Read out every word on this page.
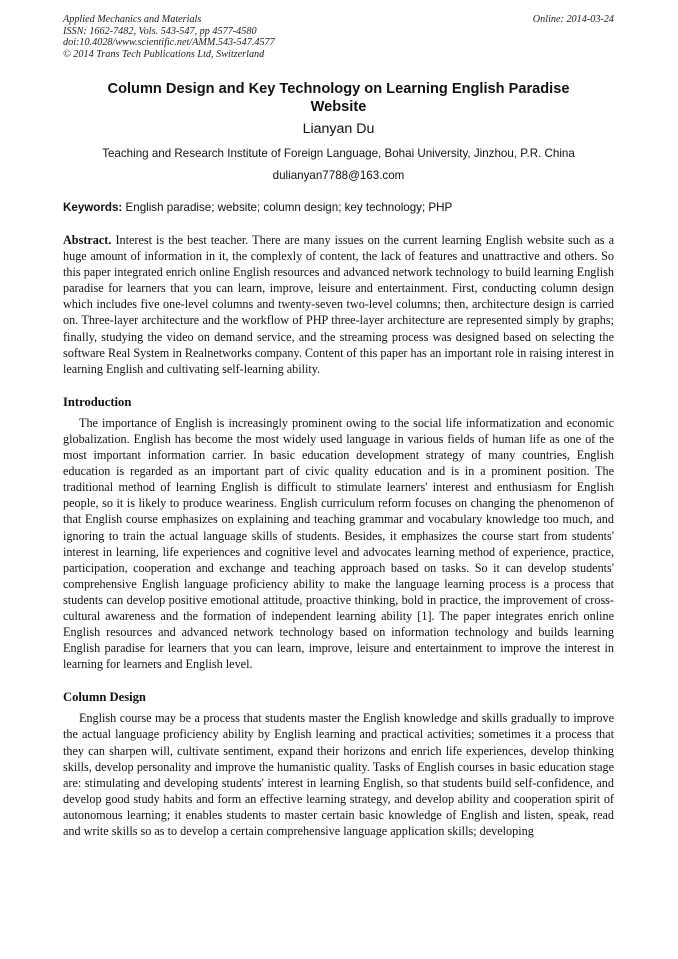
Applied Mechanics and Materials
ISSN: 1662-7482, Vols. 543-547, pp 4577-4580
doi:10.4028/www.scientific.net/AMM.543-547.4577
© 2014 Trans Tech Publications Ltd, Switzerland
Online: 2014-03-24
Column Design and Key Technology on Learning English Paradise Website
Lianyan Du
Teaching and Research Institute of Foreign Language, Bohai University, Jinzhou, P.R. China
dulianyan7788@163.com
Keywords: English paradise; website; column design; key technology; PHP
Abstract. Interest is the best teacher. There are many issues on the current learning English website such as a huge amount of information in it, the complexly of content, the lack of features and unattractive and others. So this paper integrated enrich online English resources and advanced network technology to build learning English paradise for learners that you can learn, improve, leisure and entertainment. First, conducting column design which includes five one-level columns and twenty-seven two-level columns; then, architecture design is carried on. Three-layer architecture and the workflow of PHP three-layer architecture are represented simply by graphs; finally, studying the video on demand service, and the streaming process was designed based on selecting the software Real System in Realnetworks company. Content of this paper has an important role in raising interest in learning English and cultivating self-learning ability.
Introduction

The importance of English is increasingly prominent owing to the social life informatization and economic globalization. English has become the most widely used language in various fields of human life as one of the most important information carrier. In basic education development strategy of many countries, English education is regarded as an important part of civic quality education and is in a prominent position. The traditional method of learning English is difficult to stimulate learners' interest and enthusiasm for English people, so it is likely to produce weariness. English curriculum reform focuses on changing the phenomenon of that English course emphasizes on explaining and teaching grammar and vocabulary knowledge too much, and ignoring to train the actual language skills of students. Besides, it emphasizes the course start from students' interest in learning, life experiences and cognitive level and advocates learning method of experience, practice, participation, cooperation and exchange and teaching approach based on tasks. So it can develop students' comprehensive English language proficiency ability to make the language learning process is a process that students can develop positive emotional attitude, proactive thinking, bold in practice, the improvement of cross-cultural awareness and the formation of independent learning ability [1]. The paper integrates enrich online English resources and advanced network technology based on information technology and builds learning English paradise for learners that you can learn, improve, leisure and entertainment to improve the interest in learning for learners and English level.

Column Design

English course may be a process that students master the English knowledge and skills gradually to improve the actual language proficiency ability by English learning and practical activities; sometimes it a process that they can sharpen will, cultivate sentiment, expand their horizons and enrich life experiences, develop thinking skills, develop personality and improve the humanistic quality. Tasks of English courses in basic education stage are: stimulating and developing students' interest in learning English, so that students build self-confidence, and develop good study habits and form an effective learning strategy, and develop ability and cooperation spirit of autonomous learning; it enables students to master certain basic knowledge of English and listen, speak, read and write skills so as to develop a certain comprehensive language application skills; developing
